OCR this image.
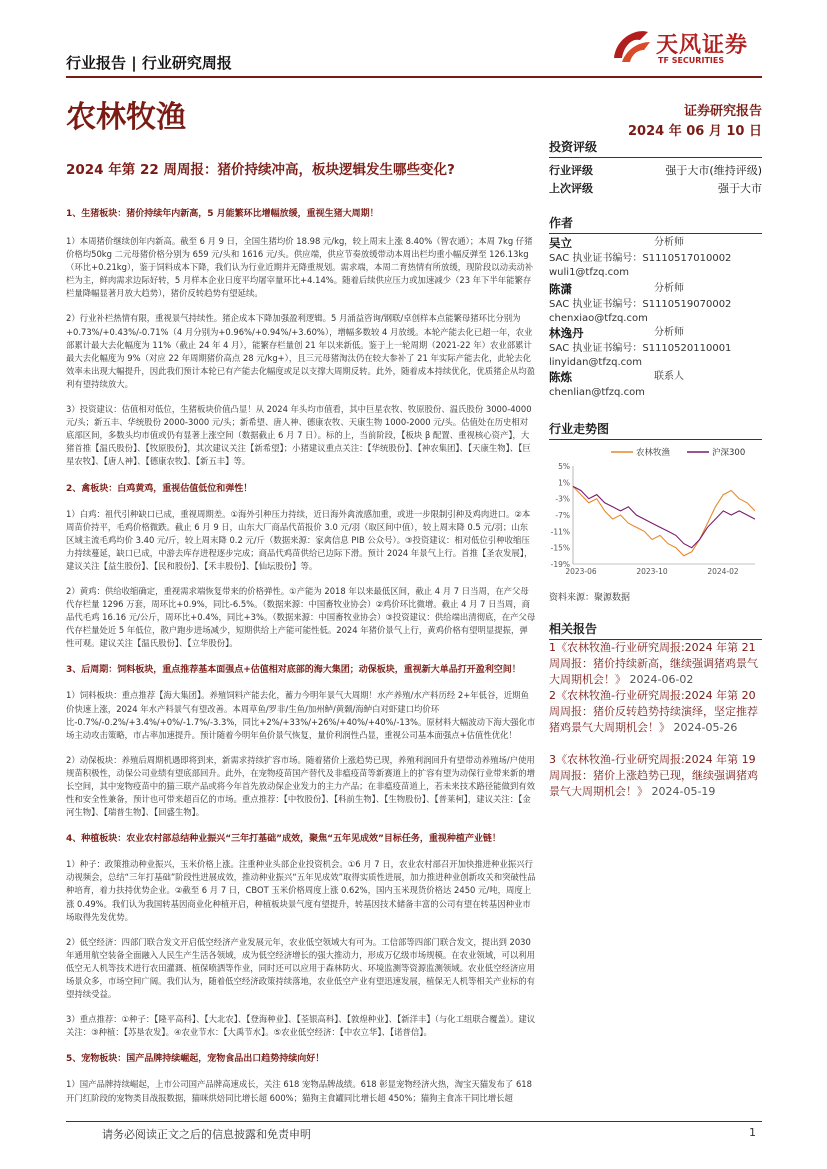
天风证券
TF SECURITIES
行业报告 | 行业研究周报
农林牧渔	证券研究报告
2024 年 06 月 10 日
2024 年第 22 周周报：猪价持续冲高，板块逻辑发生哪些变化?
投资评级
行业评级	强于大市(维持评级)
上次评级	强于大市
作者
吴立	分析师
SAC 执业证书编号：S1110517010002
wuli1@tfzq.com
陈潇	分析师
SAC 执业证书编号：S1110519070002
chenxiao@tfzq.com
林逸丹	分析师
SAC 执业证书编号：S1110520110001
linyidan@tfzq.com
陈炼	联系人
chenlian@tfzq.com
行业走势图
农林牧渔	沪深300
5%
1%
-3%
-7%
-11%
-15%
-19%
2023-06	2023-10	2024-02
资料来源：聚源数据
相关报告
1《农林牧渔-行业研究周报:2024 年第 21 周周报：猪价持续新高，继续强调猪鸡景气大周期机会！》 2024-06-02
2《农林牧渔-行业研究周报:2024 年第 20 周周报：猪价反转趋势持续演绎，坚定推荐猪鸡景气大周期机会！》 2024-05-26
3《农林牧渔-行业研究周报:2024 年第 19 周周报：猪价上涨趋势已现，继续强调猪鸡景气大周期机会！》 2024-05-19
1、生猪板块：猪价持续年内新高，5 月能繁环比增幅放缓，重视生猪大周期！

1）本周猪价继续创年内新高。截至 6 月 9 日，全国生猪均价 18.98 元/kg，较上周末上涨 8.40%（智农通）；本周 7kg 仔猪价格均50kg 二元母猪价格分别为 659 元/头和 1616 元/头。供应端，供应节奏放缓带动本周出栏均重小幅反弹至 126.13kg（环比+0.21kg），鉴于饲料成本下降，我们认为行业近期并无降重规划。需求端，本周二育热情有所放缓，现阶段以动卖动补栏为主，鲜肉需求边际好转，5 月样本企业日度平均屠宰量环比+4.14%。随着后续供应压力或加速减少（23 年下半年能繁存栏量降幅显著月放大趋势），猪价反转趋势有望延续。

2）行业补栏热情有限，重视景气持续性。猪企成本下降加强盈利逻辑。5 月涌益咨询/钢联/卓创样本点能繁母猪环比分别为+0.73%/+0.43%/-0.71%（4 月分别为+0.96%/+0.94%/+3.60%），增幅多数较 4 月放缓。本轮产能去化已超一年，农业部累计最大去化幅度为 11%（截止 24 年 4 月），能繁存栏量创 21 年以来新低。鉴于上一轮周期（2021-22 年）农业部累计最大去化幅度为 9%（对应 22 年周期猪价高点 28 元/kg+），且三元母猪淘汰仍在较大参补了 21 年实际产能去化，此轮去化效率未出现大幅提升，因此我们预计本轮已有产能去化幅度或足以支撑大周期反转。此外，随着成本持续优化，优质猪企从均盈利有望持续放大。

3）投资建议：估值相对低位，生猪板块价值凸显！从 2024 年头均市值看，其中巨星农牧、牧原股份、温氏股份 3000-4000 元/头；新五丰、华统股份 2000-3000 元/头；新希望、唐人神、德康农牧、天康生物 1000-2000 元/头。估值处在历史相对底部区间，多数头均市值或仍有显著上涨空间（数据截止 6 月 7 日）。标的上，当前阶段，【板块 β 配置、重视核心资产】，大猪首推【温氏股份】、【牧原股份】，其次建议关注【新希望】；小猪建议重点关注：【华统股份】、【神农集团】、【天康生物】、【巨星农牧】、【唐人神】、【德康农牧】、【新五丰】等。

2、禽板块：白鸡黄鸡，重视估值低位和弹性！

1）白鸡：祖代引种缺口已成，重视周期差。①海外引种压力持续，近日海外禽流感加重，或进一步限制引种及鸡肉进口。②本周苗价持平，毛鸡价格微跌。截止 6 月 9 日，山东大厂商品代苗报价 3.0 元/羽（取区间中值），较上周末降 0.5 元/羽；山东区域主流毛鸡均价 3.40 元/斤，较上周末降 0.2 元/斤（数据来源：家禽信息 PIB 公众号）。③投资建议：相对低位引种收缩压力持续蔓延，缺口已成，中游去库存进程逐步完成；商品代鸡苗供给已边际下滑。预计 2024 年景气上行。首推【圣农发展】，建议关注【益生股份】、【民和股份】、【禾丰股份】、【仙坛股份】等。

2）黄鸡：供给收缩确定，重视需求端恢复带来的价格弹性。①产能为 2018 年以来最低区间，截止 4 月 7 日当周，在产父母代存栏量 1296 万套，周环比+0.9%，同比-6.5%。（数据来源：中国畜牧业协会）②鸡价环比微增。截止 4 月 7 日当周，商品代毛鸡 16.16 元/公斤，周环比+0.4%，同比+3%。（数据来源：中国畜牧业协会）③投资建议：供给端出清彻底，在产父母代存栏量处近 5 年低位，散户跑步进场减少，短期供给上产能可能性低。2024 年猪价景气上行，黄鸡价格有望明显提振，弹性可观。建议关注【温氏股份】、【立华股份】。

3、后周期：饲料板块，重点推荐基本面强点+估值相对底部的海大集团；动保板块，重视新大单品打开盈利空间！

1）饲料板块：重点推荐【海大集团】。养殖饲料产能去化，蓄力今明年景气大周期！水产养殖/水产料历经 2+年低谷，近期鱼价快速上涨，2024 年水产料景气有望改善。本周草鱼/罗非/生鱼/加州鲈/黄颡/海鲈白对虾建口均价环比-0.7%/-0.2%/+3.4%/+0%/-1.7%/-3.3%，同比+2%/+33%/+26%/+40%/+40%/-13%。原材料大幅波动下海大强化市场主动攻击策略，市占率加速提升。预计随着今明年鱼价景气恢复，量价利润性凸显，重视公司基本面强点+估值性优化！

2）动保板块：养殖后周期机遇即将到来，新需求持续扩容市场。随着猪价上涨趋势已现，养殖利润回升有望带动养殖场/户使用规苗积极性，动保公司业绩有望底部回升。此外，在宠物疫苗国产替代及非瘟疫苗等新赛道上的扩容有望为动保行业带来新的增长空间，其中宠物疫苗中的猫三联产品或将今年首先放动保企业发力的主力产品；在非瘟疫苗道上，若未来技术路径能做到有效性和安全性兼备，预计也可带来超百亿的市场。重点推荐：【中牧股份】、【科前生物】、【生物股份】、【普莱柯】，建议关注：【金河生物】、【瑞普生物】、【回盛生物】。

4、种植板块：农业农村部总结种业振兴“三年打基础”成效，聚焦“五年见成效”目标任务，重视种植产业链！

1）种子：政策推动种业振兴，玉米价格上涨。注重种业头部企业投资机会。①6 月 7 日，农业农村部召开加快推进种业振兴行动视频会，总结“三年打基础”阶段性进展成效，推动种业振兴“五年见成效”取得实质性进展，加力推进种业创新攻关和突破性品种培育，着力扶持优势企业。②截至 6 月 7 日，CBOT 玉米价格周度上涨 0.62%，国内玉米现货价格达 2450 元/吨，周度上涨 0.49%。我们认为我国转基因商业化种植开启，种植板块景气度有望提升，转基因技术储备丰富的公司有望在转基因种业市场取得先发优势。

2）低空经济：四部门联合发文开启低空经济产业发展元年，农业低空领域大有可为。工信部等四部门联合发文，提出到 2030 年通用航空装备全面融入人民生产生活各领域，成为低空经济增长的强大推动力，形成万亿级市场规模。在农业领域，可以利用低空无人机等技术进行农田灌溉、植保喷洒等作业，同时还可以应用于森林防火、环境监测等资源监测领域。农业低空经济应用场景众多，市场空间广阔。我们认为，随着低空经济政策持续落地，农业低空产业有望迅速发展，植保无人机等相关产业标的有望持续受益。

3）重点推荐：①种子：【隆平高科】、【大北农】、【登海种业】、【荃银高科】、【敦煌种业】、【新洋丰】（与化工组联合覆盖）。建议关注：③种植：【苏垦农发】。④农业节水：【大禹节水】。⑤农业低空经济：【中农立华】、【诺普信】。

5、宠物板块：国产品牌持续崛起，宠物食品出口趋势持续向好！

1）国产品牌持续崛起，上市公司国产品牌高速成长，关注 618 宠物品牌战绩。618 彰显宠物经济火热，淘宝天猫发布了 618 开门红阶段的宠物类目战报数据，猫咪烘焙同比增长超 600%；猫狗主食罐同比增长超 450%；猫狗主食冻干同比增长超

请务必阅读正文之后的信息披露和免责申明	1
